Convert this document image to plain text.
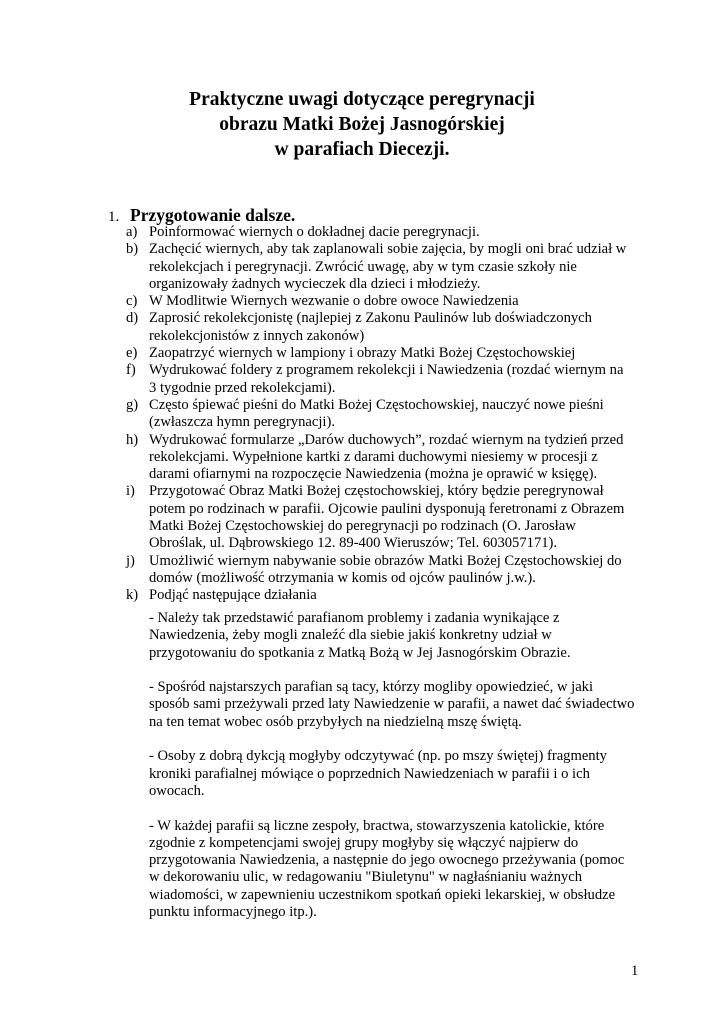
Praktyczne uwagi dotyczące peregrynacji
obrazu Matki Bożej Jasnogórskiej
w parafiach Diecezji.
1. Przygotowanie dalsze.
a) Poinformować wiernych o dokładnej dacie peregrynacji.
b) Zachęcić wiernych, aby tak zaplanowali sobie zajęcia, by mogli oni brać udział w
rekolekcjach i peregrynacji. Zwrócić uwagę, aby w tym czasie szkoły nie
organizowały żadnych wycieczek dla dzieci i młodzieży.
c) W Modlitwie Wiernych wezwanie o dobre owoce Nawiedzenia
d) Zaprosić rekolekcjonistę (najlepiej z Zakonu Paulinów lub doświadczonych
rekolekcjonistów z innych zakonów)
e) Zaopatrzyć wiernych w lampiony i obrazy Matki Bożej Częstochowskiej
f) Wydrukować foldery z programem rekolekcji i Nawiedzenia (rozdać wiernym na
3 tygodnie przed rekolekcjami).
g) Często śpiewać pieśni do Matki Bożej Częstochowskiej, nauczyć nowe pieśni
(zwłaszcza hymn peregrynacji).
h) Wydrukować formularze „Darów duchowych”, rozdać wiernym na tydzień przed
rekolekcjami. Wypełnione kartki z darami duchowymi niesiemy w procesji z
darami ofiarnymi na rozpoczęcie Nawiedzenia (można je oprawić w księgę).
i) Przygotować Obraz Matki Bożej częstochowskiej, który będzie peregrynował
potem po rodzinach w parafii. Ojcowie paulini dysponują feretronami z Obrazem
Matki Bożej Częstochowskiej do peregrynacji po rodzinach (O. Jarosław
Obroślak, ul. Dąbrowskiego 12. 89-400 Wieruszów; Tel. 603057171).
j) Umożliwić wiernym nabywanie sobie obrazów Matki Bożej Częstochowskiej do
domów (możliwość otrzymania w komis od ojców paulinów j.w.).
k) Podjąć następujące działania
- Należy tak przedstawić parafianom problemy i zadania wynikające z
Nawiedzenia, żeby mogli znaleźć dla siebie jakiś konkretny udział w
przygotowaniu do spotkania z Matką Bożą w Jej Jasnogórskim Obrazie.
- Spośród najstarszych parafian są tacy, którzy mogliby opowiedzieć, w jaki
sposób sami przeżywali przed laty Nawiedzenie w parafii, a nawet dać świadectwo
na ten temat wobec osób przybyłych na niedzielną mszę świętą.
- Osoby z dobrą dykcją mogłyby odczytywać (np. po mszy świętej) fragmenty
kroniki parafialnej mówiące o poprzednich Nawiedzeniach w parafii i o ich
owocach.
- W każdej parafii są liczne zespoły, bractwa, stowarzyszenia katolickie, które
zgodnie z kompetencjami swojej grupy mogłyby się włączyć najpierw do
przygotowania Nawiedzenia, a następnie do jego owocnego przeżywania (pomoc
w dekorowaniu ulic, w redagowaniu "Biuletynu" w nagłaśnianiu ważnych
wiadomości, w zapewnieniu uczestnikom spotkań opieki lekarskiej, w obsłudze
punktu informacyjnego itp.).
1
